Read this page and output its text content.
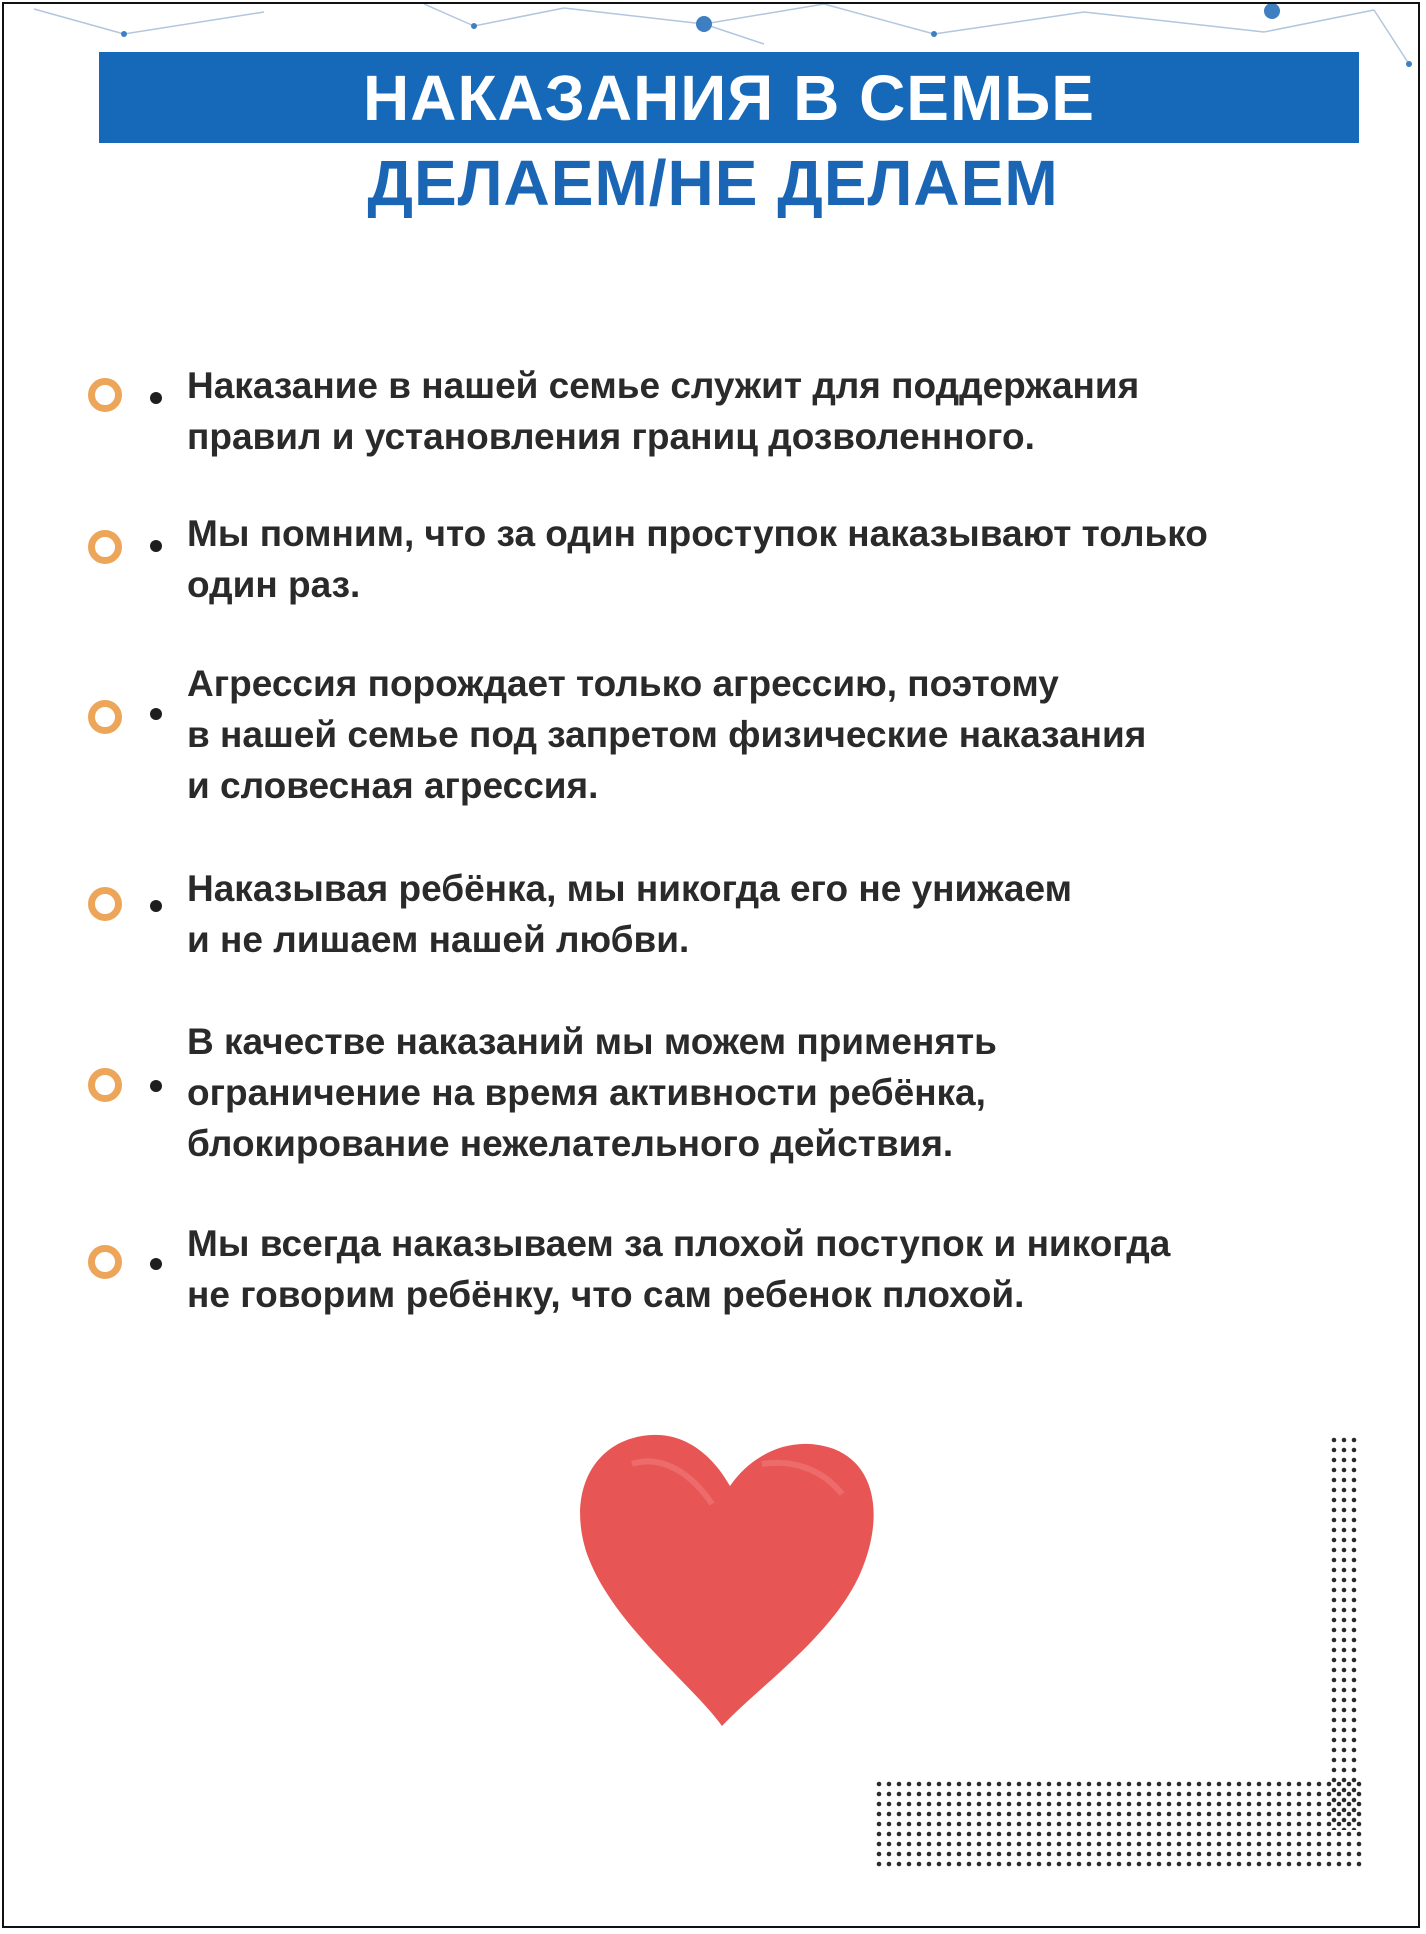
НАКАЗАНИЯ В СЕМЬЕ
ДЕЛАЕМ/НЕ ДЕЛАЕМ
Наказание в нашей семье служит для поддержания
правил и установления границ дозволенного.
Мы помним, что за один проступок наказывают только
один раз.
Агрессия порождает только агрессию, поэтому
в нашей семье под запретом физические наказания
и словесная агрессия.
Наказывая ребёнка, мы никогда его не унижаем
и не лишаем нашей любви.
В качестве наказаний мы можем применять
ограничение на время активности ребёнка,
блокирование нежелательного действия.
Мы всегда наказываем за плохой поступок и никогда
не говорим ребёнку, что сам ребенок плохой.
